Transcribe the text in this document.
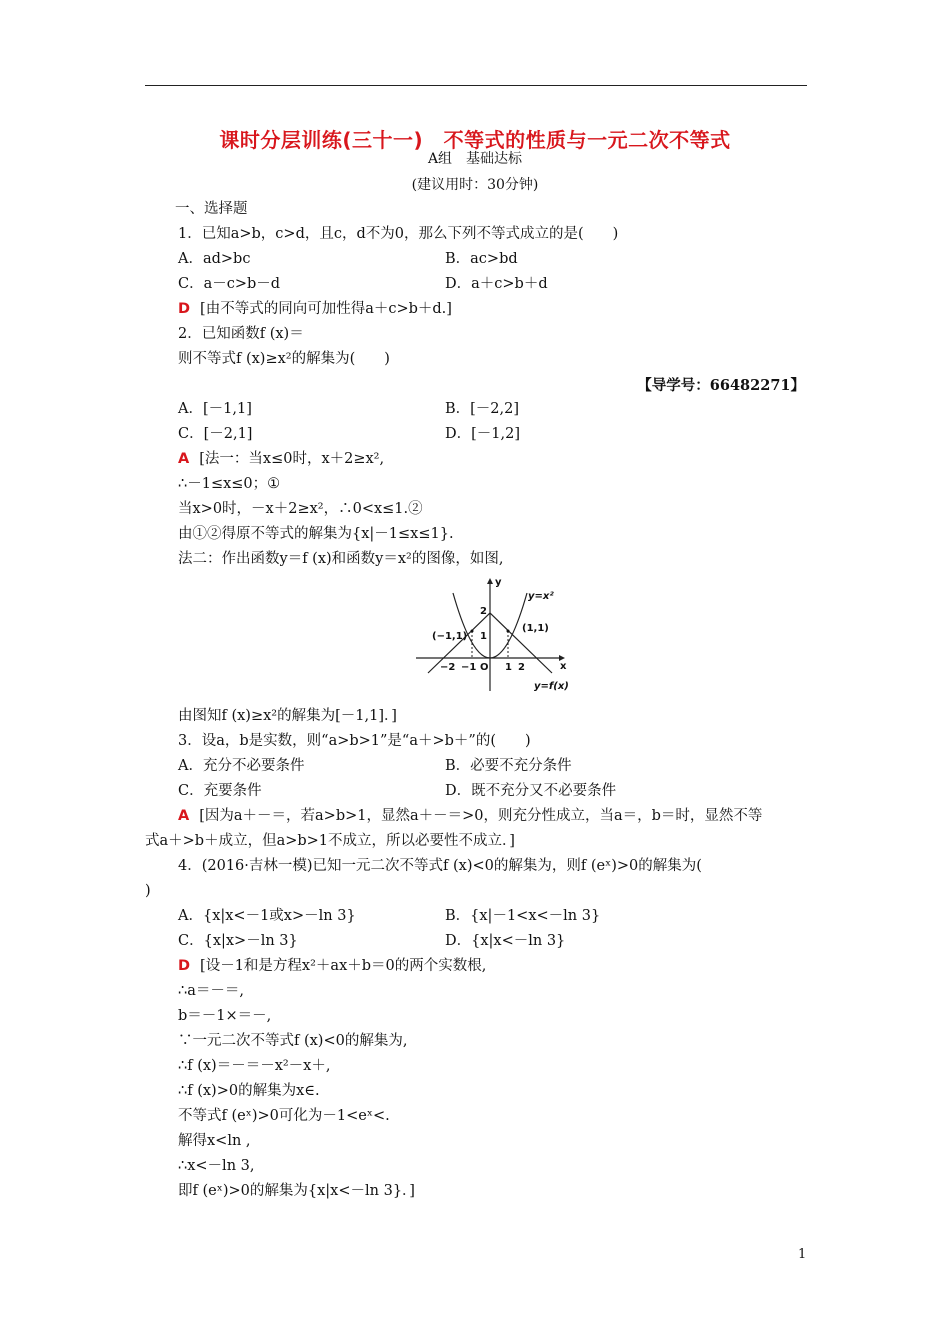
课时分层训练(三十一)　不等式的性质与一元二次不等式
A组　基础达标
(建议用时：30分钟)
一、选择题
1．已知a>b，c>d，且c，d不为0，那么下列不等式成立的是(　　)
A．ad>bc	B．ac>bd
C．a－c>b－d	D．a＋c>b＋d
D [由不等式的同向可加性得a＋c>b＋d.]
2．已知函数f (x)＝
则不等式f (x)≥x²的解集为(　　)
【导学号：66482271】
A．[－1,1]	B．[－2,2]
C．[－2,1]	D．[－1,2]
A [法一：当x≤0时，x＋2≥x²,
∴－1≤x≤0；①
当x>0时，－x＋2≥x²，∴0<x≤1.②
由①②得原不等式的解集为{x|－1≤x≤1}.
法二：作出函数y＝f (x)和函数y＝x²的图像，如图,
y
x
y=x²
y=f(x)
(−1,1)
(1,1)
2
1
−2 −1 O 1 2
由图知f (x)≥x²的解集为[－1,1]．]
3．设a，b是实数，则“a>b>1”是“a＋>b＋”的(　　)
A．充分不必要条件	B．必要不充分条件
C．充要条件	D．既不充分又不必要条件
A [因为a＋－＝，若a>b>1，显然a＋－＝>0，则充分性成立，当a＝，b＝时，显然不等
式a＋>b＋成立，但a>b>1不成立，所以必要性不成立．]
4．(2016·吉林一模)已知一元二次不等式f (x)<0的解集为，则f (eˣ)>0的解集为(
)
A．{x|x<－1或x>－ln 3}	B．{x|－1<x<－ln 3}
C．{x|x>－ln 3}	D．{x|x<－ln 3}
D [设－1和是方程x²＋ax＋b＝0的两个实数根,
∴a＝－＝,
b＝－1×＝－,
∵一元二次不等式f (x)<0的解集为,
∴f (x)＝－＝－x²－x＋,
∴f (x)>0的解集为x∈.
不等式f (eˣ)>0可化为－1<eˣ<.
解得x<ln ,
∴x<－ln 3,
即f (eˣ)>0的解集为{x|x<－ln 3}．]
1
